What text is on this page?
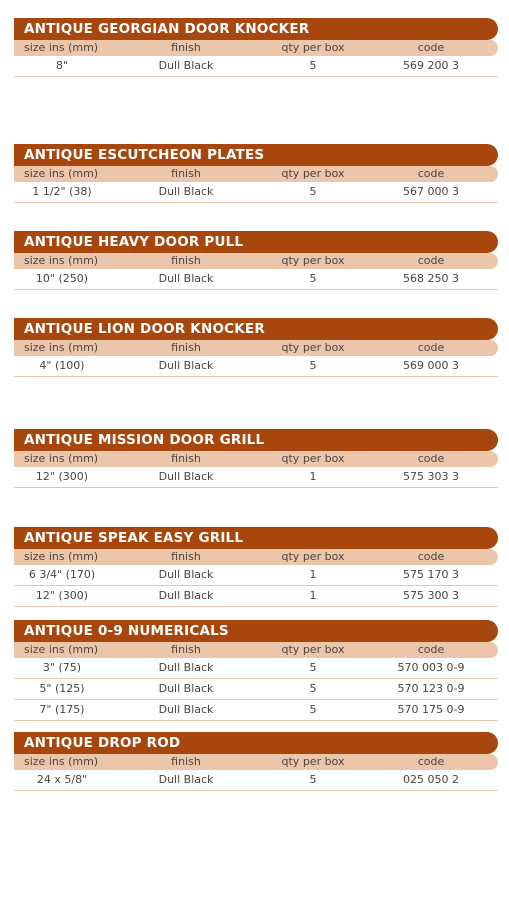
ANTIQUE GEORGIAN DOOR KNOCKER
size ins (mm)	finish	qty per box	code
8"	Dull Black	5	569 200 3
ANTIQUE ESCUTCHEON PLATES
size ins (mm)	finish	qty per box	code
1 1/2" (38)	Dull Black	5	567 000 3
ANTIQUE HEAVY DOOR PULL
size ins (mm)	finish	qty per box	code
10" (250)	Dull Black	5	568 250 3
ANTIQUE LION DOOR KNOCKER
size ins (mm)	finish	qty per box	code
4" (100)	Dull Black	5	569 000 3
ANTIQUE MISSION DOOR GRILL
size ins (mm)	finish	qty per box	code
12" (300)	Dull Black	1	575 303 3
ANTIQUE SPEAK EASY GRILL
size ins (mm)	finish	qty per box	code
6 3/4" (170)	Dull Black	1	575 170 3
12" (300)	Dull Black	1	575 300 3
ANTIQUE 0-9 NUMERICALS
size ins (mm)	finish	qty per box	code
3" (75)	Dull Black	5	570 003 0-9
5" (125)	Dull Black	5	570 123 0-9
7" (175)	Dull Black	5	570 175 0-9
ANTIQUE DROP ROD
size ins (mm)	finish	qty per box	code
24 x 5/8"	Dull Black	5	025 050 2
